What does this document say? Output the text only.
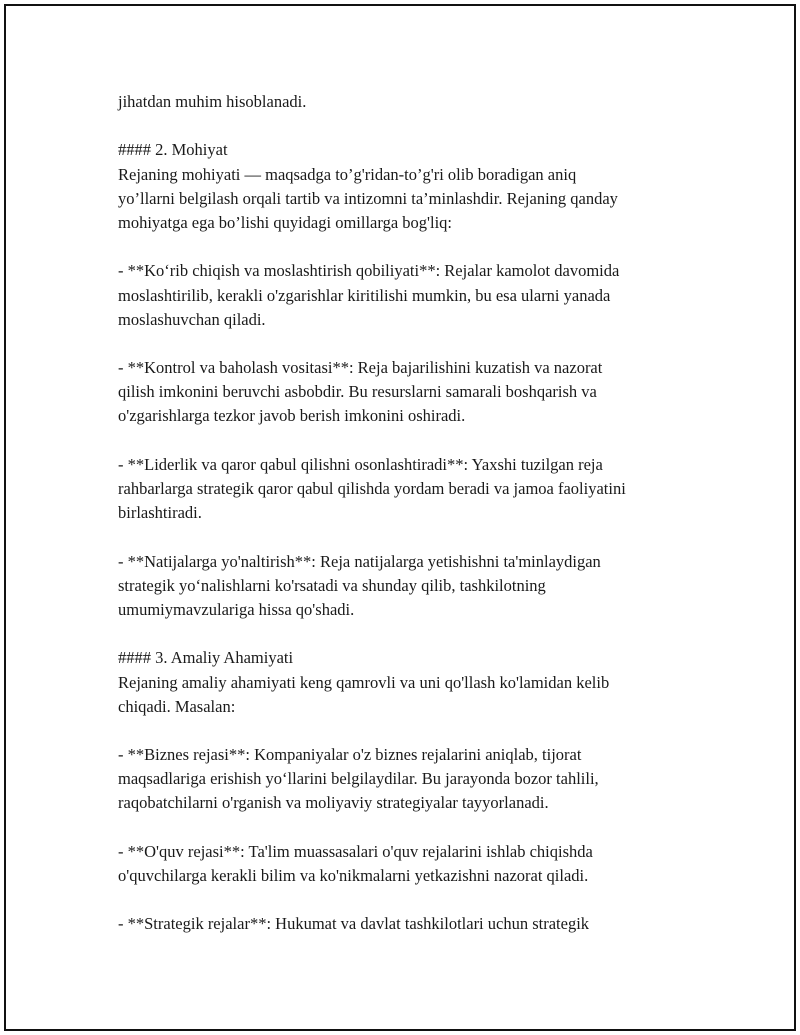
jihatdan muhim hisoblanadi.
#### 2. Mohiyat
Rejaning mohiyati — maqsadga to’g'ridan-to’g'ri olib boradigan aniq
yo’llarni belgilash orqali tartib va intizomni ta’minlashdir. Rejaning qanday
mohiyatga ega bo’lishi quyidagi omillarga bog'liq:
- **Ko‘rib chiqish va moslashtirish qobiliyati**: Rejalar kamolot davomida
moslashtirilib, kerakli o'zgarishlar kiritilishi mumkin, bu esa ularni yanada
moslashuvchan qiladi.
- **Kontrol va baholash vositasi**: Reja bajarilishini kuzatish va nazorat
qilish imkonini beruvchi asbobdir. Bu resurslarni samarali boshqarish va
o'zgarishlarga tezkor javob berish imkonini oshiradi.
- **Liderlik va qaror qabul qilishni osonlashtiradi**: Yaxshi tuzilgan reja
rahbarlarga strategik qaror qabul qilishda yordam beradi va jamoa faoliyatini
birlashtiradi.
- **Natijalarga yo'naltirish**: Reja natijalarga yetishishni ta'minlaydigan
strategik yo‘nalishlarni ko'rsatadi va shunday qilib, tashkilotning
umumiymavzulariga hissa qo'shadi.
#### 3. Amaliy Ahamiyati
Rejaning amaliy ahamiyati keng qamrovli va uni qo'llash ko'lamidan kelib
chiqadi. Masalan:
- **Biznes rejasi**: Kompaniyalar o'z biznes rejalarini aniqlab, tijorat
maqsadlariga erishish yo‘llarini belgilaydilar. Bu jarayonda bozor tahlili,
raqobatchilarni o'rganish va moliyaviy strategiyalar tayyorlanadi.
- **O'quv rejasi**: Ta'lim muassasalari o'quv rejalarini ishlab chiqishda
o'quvchilarga kerakli bilim va ko'nikmalarni yetkazishni nazorat qiladi.
- **Strategik rejalar**: Hukumat va davlat tashkilotlari uchun strategik
